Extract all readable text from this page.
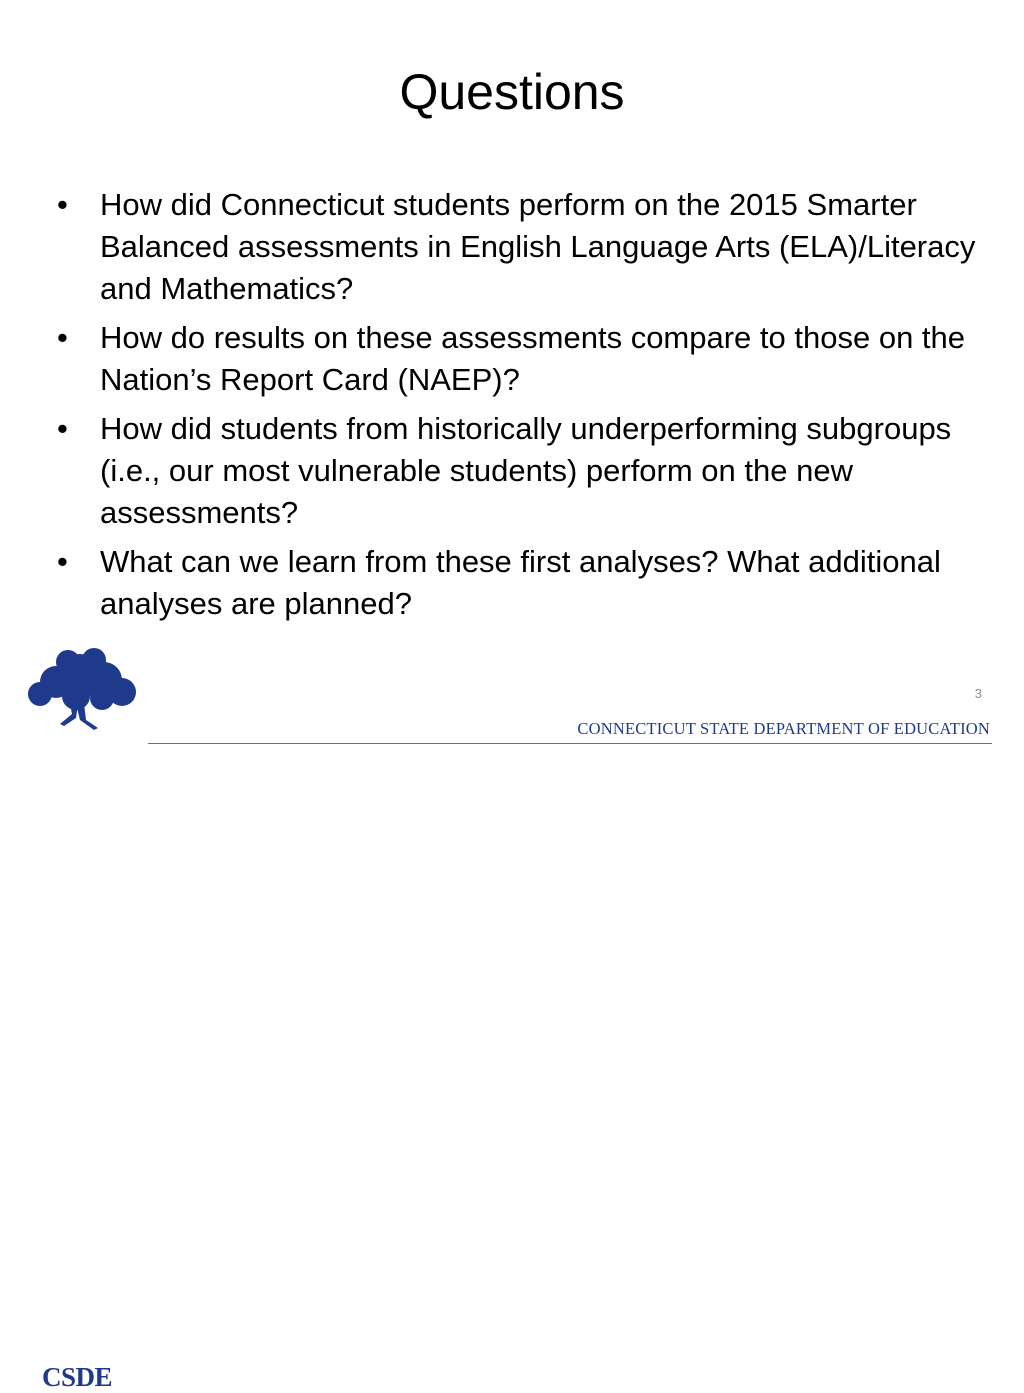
Questions
•	How did Connecticut students perform on the 2015 Smarter Balanced assessments in English Language Arts (ELA)/Literacy and Mathematics?
•	How do results on these assessments compare to those on the Nation’s Report Card (NAEP)?
•	How did students from historically underperforming subgroups (i.e., our most vulnerable students) perform on the new assessments?
•	What can we learn from these first analyses? What additional analyses are planned?
CSDE
3
CONNECTICUT STATE DEPARTMENT OF EDUCATION
